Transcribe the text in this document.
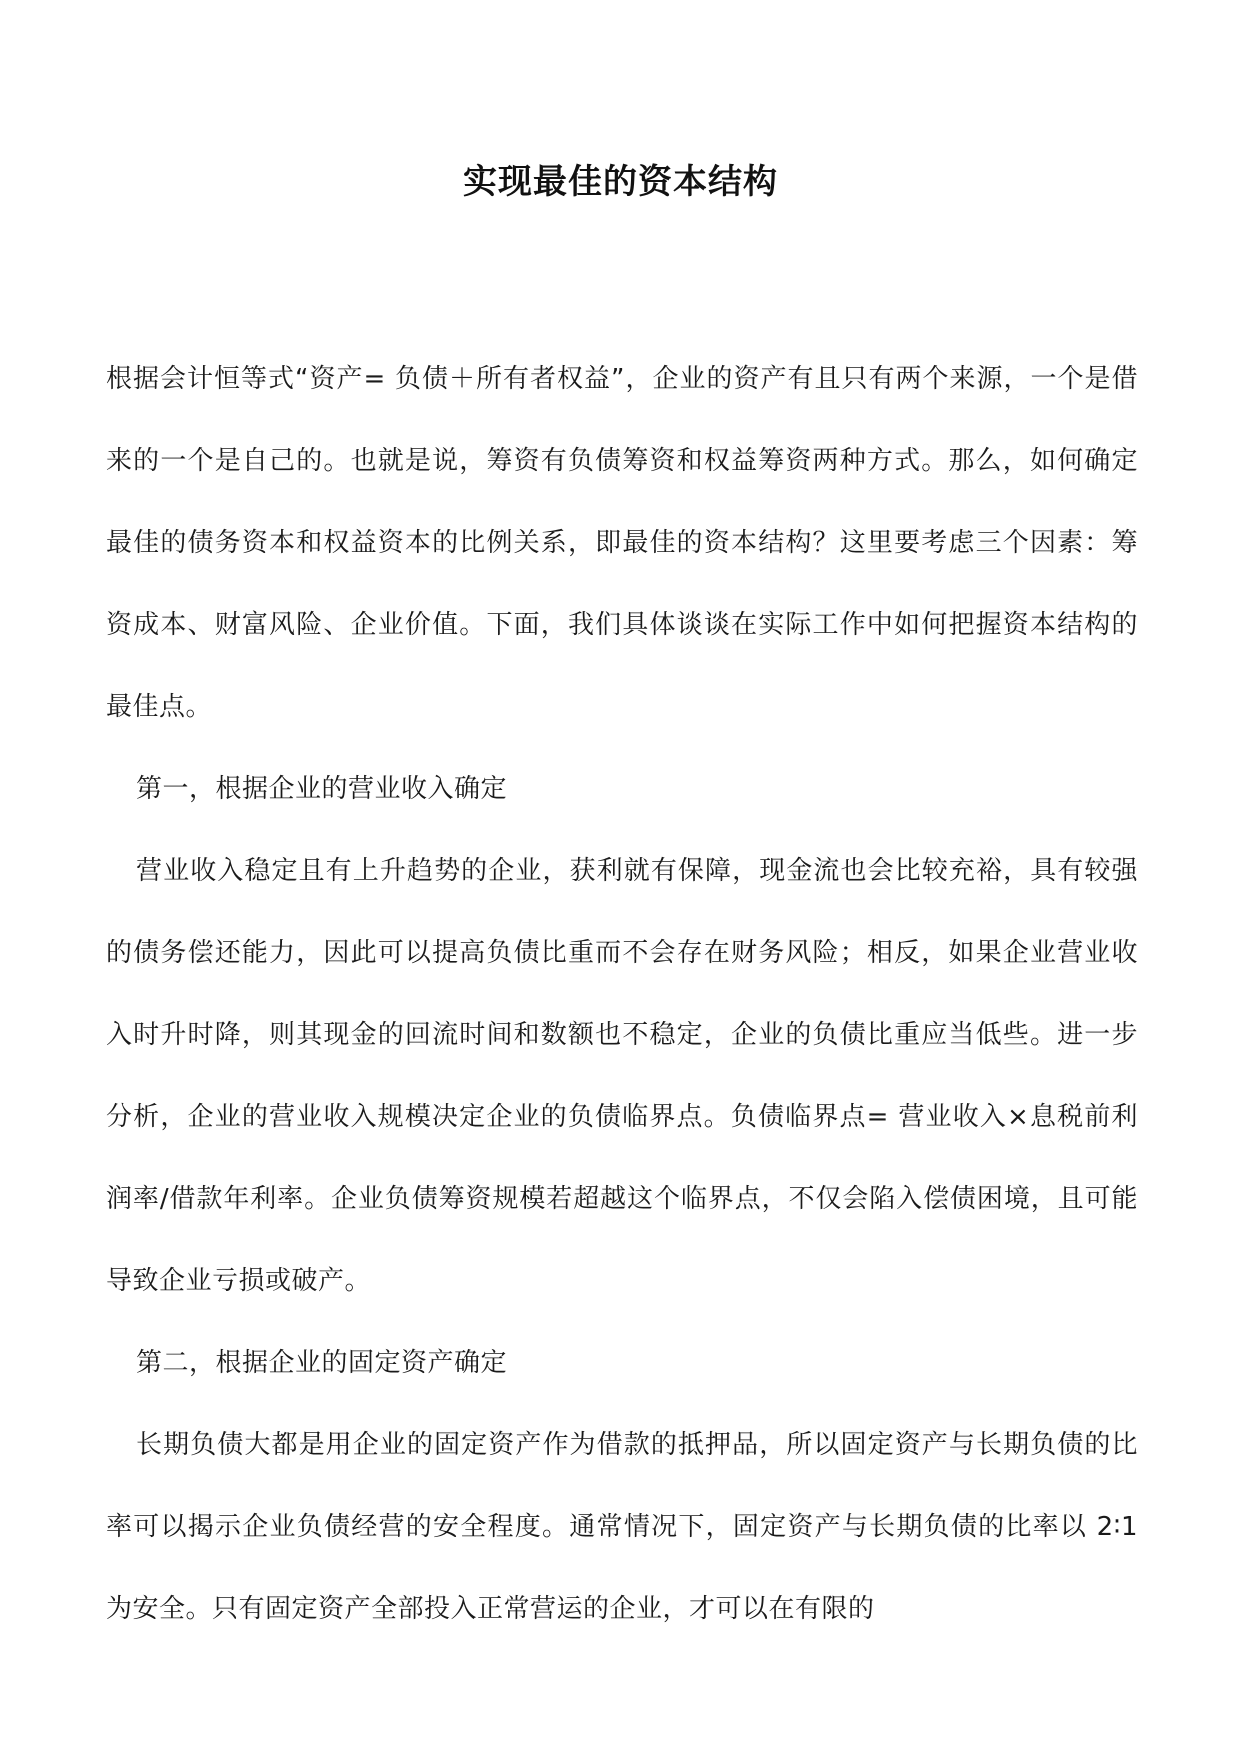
实现最佳的资本结构

根据会计恒等式“资产= 负债＋所有者权益”，企业的资产有且只有两个来源，一个是借来的一个是自己的。也就是说，筹资有负债筹资和权益筹资两种方式。那么，如何确定最佳的债务资本和权益资本的比例关系，即最佳的资本结构？这里要考虑三个因素：筹资成本、财富风险、企业价值。下面，我们具体谈谈在实际工作中如何把握资本结构的最佳点。

第一，根据企业的营业收入确定

营业收入稳定且有上升趋势的企业，获利就有保障，现金流也会比较充裕，具有较强的债务偿还能力，因此可以提高负债比重而不会存在财务风险；相反，如果企业营业收入时升时降，则其现金的回流时间和数额也不稳定，企业的负债比重应当低些。进一步分析，企业的营业收入规模决定企业的负债临界点。负债临界点= 营业收入×息税前利润率/借款年利率。企业负债筹资规模若超越这个临界点，不仅会陷入偿债困境，且可能导致企业亏损或破产。

第二，根据企业的固定资产确定

长期负债大都是用企业的固定资产作为借款的抵押品，所以固定资产与长期负债的比率可以揭示企业负债经营的安全程度。通常情况下，固定资产与长期负债的比率以 2∶1 为安全。只有固定资产全部投入正常营运的企业，才可以在有限的
